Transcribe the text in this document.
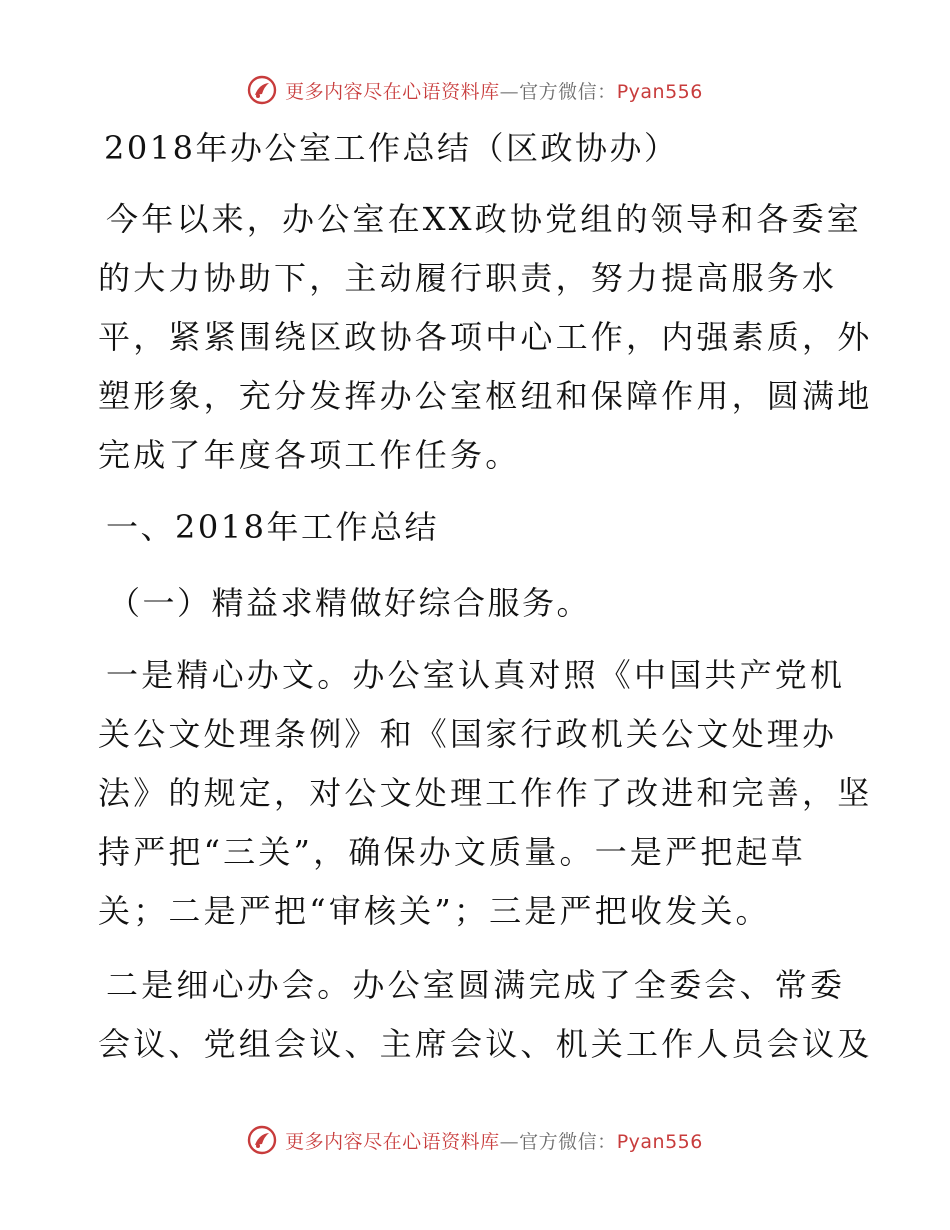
更多内容尽在心语资料库—官方微信：Pyan556
2018年办公室工作总结（区政协办）
今年以来，办公室在XX政协党组的领导和各委室
的大力协助下，主动履行职责，努力提高服务水
平，紧紧围绕区政协各项中心工作，内强素质，外
塑形象，充分发挥办公室枢纽和保障作用，圆满地
完成了年度各项工作任务。
一、2018年工作总结
（一）精益求精做好综合服务。
一是精心办文。办公室认真对照《中国共产党机
关公文处理条例》和《国家行政机关公文处理办
法》的规定，对公文处理工作作了改进和完善，坚
持严把“三关”，确保办文质量。一是严把起草
关；二是严把“审核关”；三是严把收发关。
二是细心办会。办公室圆满完成了全委会、常委
会议、党组会议、主席会议、机关工作人员会议及
更多内容尽在心语资料库—官方微信：Pyan556
